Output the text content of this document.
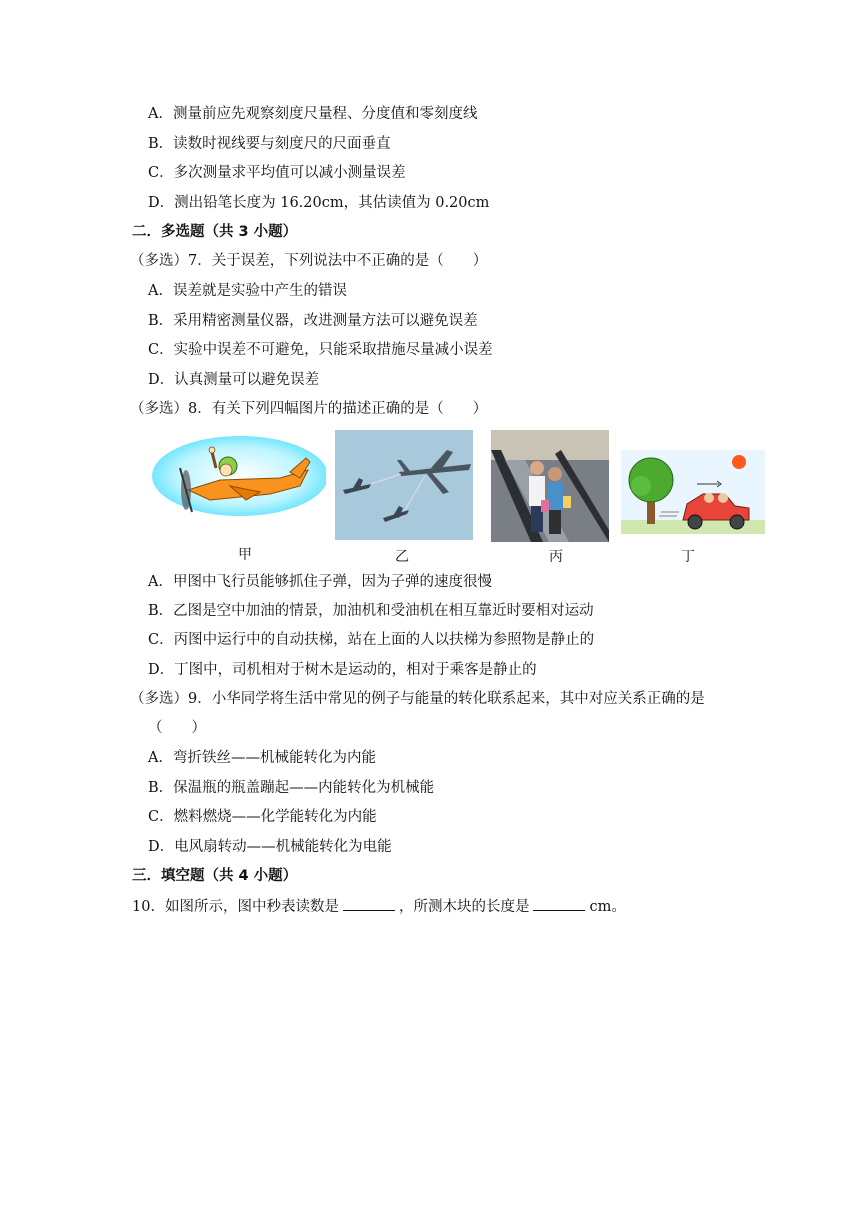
A．测量前应先观察刻度尺量程、分度值和零刻度线
B．读数时视线要与刻度尺的尺面垂直
C．多次测量求平均值可以减小测量误差
D．测出铅笔长度为 16.20cm，其估读值为 0.20cm
二．多选题（共 3 小题）
（多选）7．关于误差，下列说法中不正确的是（　　）
A．误差就是实验中产生的错误
B．采用精密测量仪器，改进测量方法可以避免误差
C．实验中误差不可避免，只能采取措施尽量减小误差
D．认真测量可以避免误差
（多选）8．有关下列四幅图片的描述正确的是（　　）
甲	乙	丙	丁
A．甲图中飞行员能够抓住子弹，因为子弹的速度很慢
B．乙图是空中加油的情景，加油机和受油机在相互靠近时要相对运动
C．丙图中运行中的自动扶梯，站在上面的人以扶梯为参照物是静止的
D．丁图中，司机相对于树木是运动的，相对于乘客是静止的
（多选）9．小华同学将生活中常见的例子与能量的转化联系起来，其中对应关系正确的是
（　　）
A．弯折铁丝——机械能转化为内能
B．保温瓶的瓶盖蹦起——内能转化为机械能
C．燃料燃烧——化学能转化为内能
D．电风扇转动——机械能转化为电能
三．填空题（共 4 小题）
10．如图所示，图中秒表读数是	，所测木块的长度是	cm。
